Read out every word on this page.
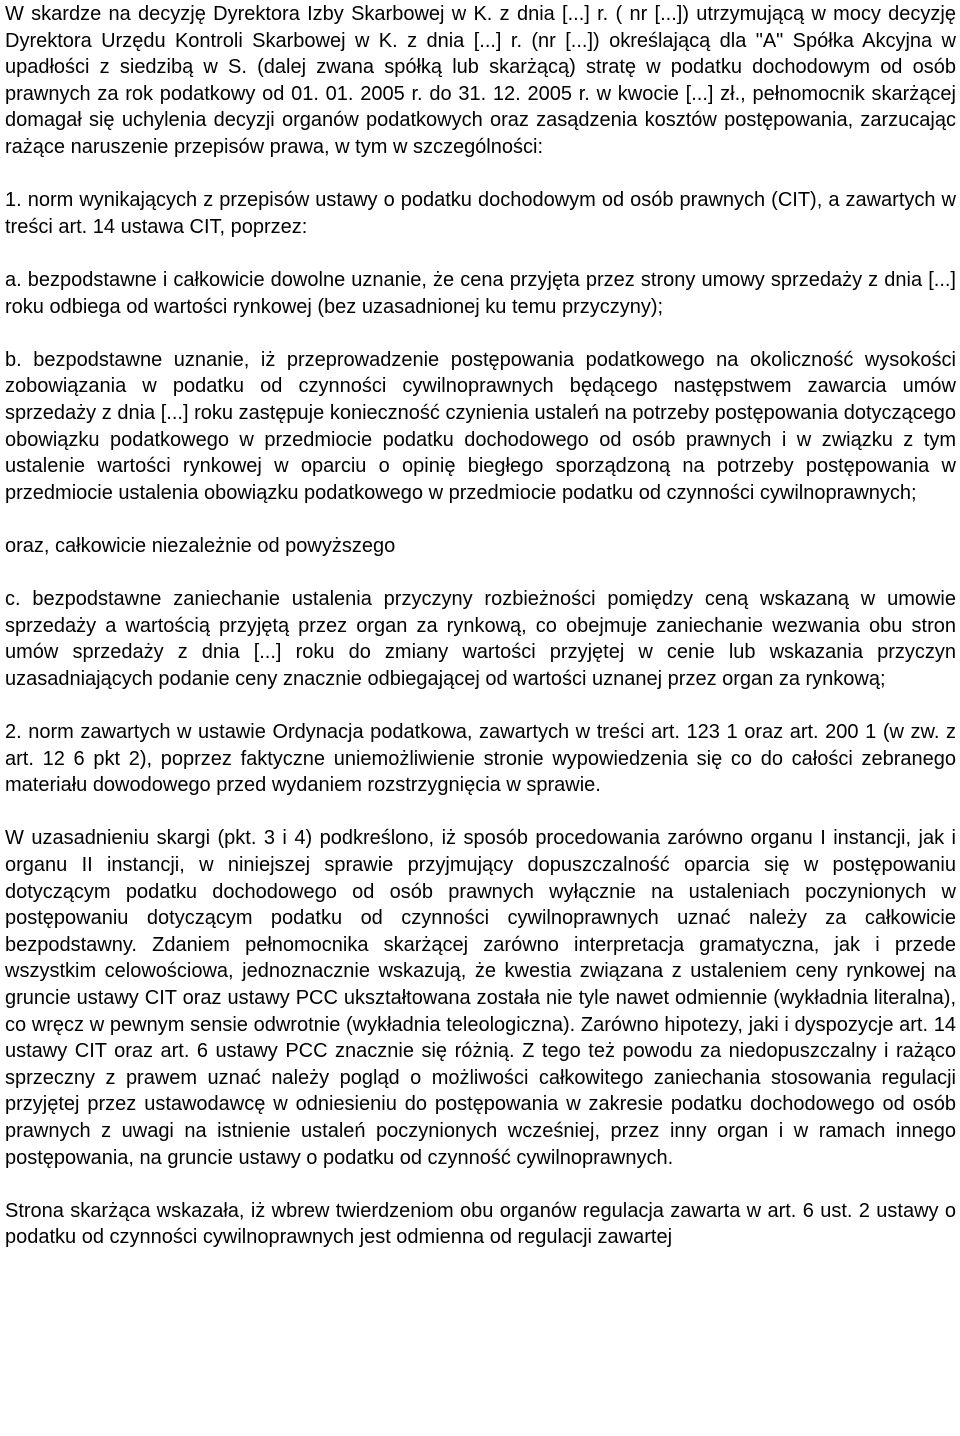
W skardze na decyzję Dyrektora Izby Skarbowej w K. z dnia [...] r. ( nr [...]) utrzymującą w mocy decyzję Dyrektora Urzędu Kontroli Skarbowej w K. z dnia [...] r. (nr [...]) określającą dla "A" Spółka Akcyjna w upadłości z siedzibą w S. (dalej zwana spółką lub skarżącą) stratę w podatku dochodowym od osób prawnych za rok podatkowy od 01. 01. 2005 r. do 31. 12. 2005 r. w kwocie [...] zł., pełnomocnik skarżącej domagał się uchylenia decyzji organów podatkowych oraz zasądzenia kosztów postępowania, zarzucając rażące naruszenie przepisów prawa, w tym w szczególności:

1. norm wynikających z przepisów ustawy o podatku dochodowym od osób prawnych (CIT), a zawartych w treści art. 14 ustawa CIT, poprzez:

a. bezpodstawne i całkowicie dowolne uznanie, że cena przyjęta przez strony umowy sprzedaży z dnia [...] roku odbiega od wartości rynkowej (bez uzasadnionej ku temu przyczyny);

b. bezpodstawne uznanie, iż przeprowadzenie postępowania podatkowego na okoliczność wysokości zobowiązania w podatku od czynności cywilnoprawnych będącego następstwem zawarcia umów sprzedaży z dnia [...] roku zastępuje konieczność czynienia ustaleń na potrzeby postępowania dotyczącego obowiązku podatkowego w przedmiocie podatku dochodowego od osób prawnych i w związku z tym ustalenie wartości rynkowej w oparciu o opinię biegłego sporządzoną na potrzeby postępowania w przedmiocie ustalenia obowiązku podatkowego w przedmiocie podatku od czynności cywilnoprawnych;

oraz, całkowicie niezależnie od powyższego

c. bezpodstawne zaniechanie ustalenia przyczyny rozbieżności pomiędzy ceną wskazaną w umowie sprzedaży a wartością przyjętą przez organ za rynkową, co obejmuje zaniechanie wezwania obu stron umów sprzedaży z dnia [...] roku do zmiany wartości przyjętej w cenie lub wskazania przyczyn uzasadniających podanie ceny znacznie odbiegającej od wartości uznanej przez organ za rynkową;

2. norm zawartych w ustawie Ordynacja podatkowa, zawartych w treści art. 123 1 oraz art. 200 1 (w zw. z art. 12 6 pkt 2), poprzez faktyczne uniemożliwienie stronie wypowiedzenia się co do całości zebranego materiału dowodowego przed wydaniem rozstrzygnięcia w sprawie.

W uzasadnieniu skargi (pkt. 3 i 4) podkreślono, iż sposób procedowania zarówno organu I instancji, jak i organu II instancji, w niniejszej sprawie przyjmujący dopuszczalność oparcia się w postępowaniu dotyczącym podatku dochodowego od osób prawnych wyłącznie na ustaleniach poczynionych w postępowaniu dotyczącym podatku od czynności cywilnoprawnych uznać należy za całkowicie bezpodstawny. Zdaniem pełnomocnika skarżącej zarówno interpretacja gramatyczna, jak i przede wszystkim celowościowa, jednoznacznie wskazują, że kwestia związana z ustaleniem ceny rynkowej na gruncie ustawy CIT oraz ustawy PCC ukształtowana została nie tyle nawet odmiennie (wykładnia literalna), co wręcz w pewnym sensie odwrotnie (wykładnia teleologiczna). Zarówno hipotezy, jaki i dyspozycje art. 14 ustawy CIT oraz art. 6 ustawy PCC znacznie się różnią. Z tego też powodu za niedopuszczalny i rażąco sprzeczny z prawem uznać należy pogląd o możliwości całkowitego zaniechania stosowania regulacji przyjętej przez ustawodawcę w odniesieniu do postępowania w zakresie podatku dochodowego od osób prawnych z uwagi na istnienie ustaleń poczynionych wcześniej, przez inny organ i w ramach innego postępowania, na gruncie ustawy o podatku od czynność cywilnoprawnych.

Strona skarżąca wskazała, iż wbrew twierdzeniom obu organów regulacja zawarta w art. 6 ust. 2 ustawy o podatku od czynności cywilnoprawnych jest odmienna od regulacji zawartej
